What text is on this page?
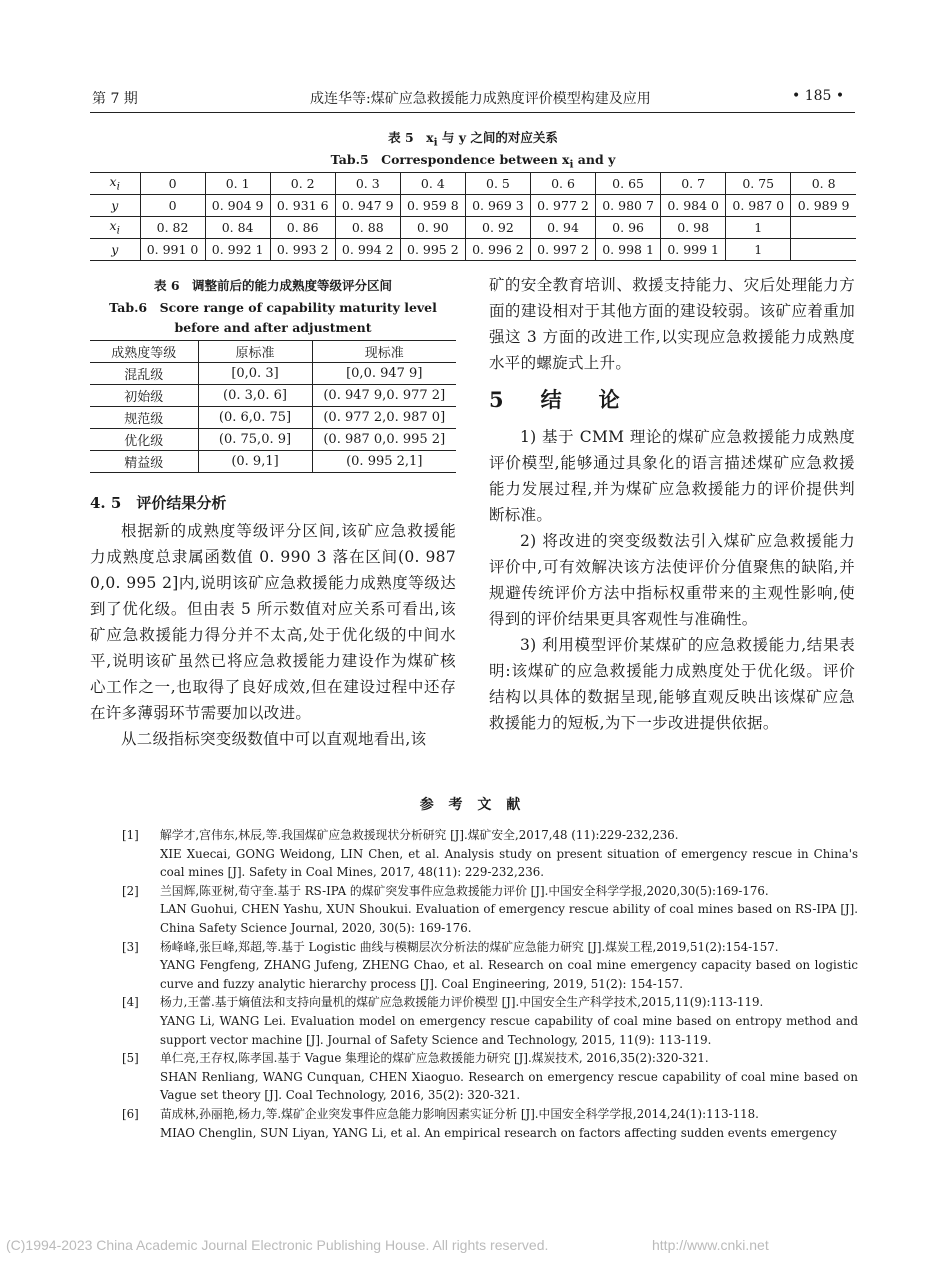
第 7 期	成连华等:煤矿应急救援能力成熟度评价模型构建及应用	• 185 •
表 5　$x_i$ 与 y 之间的对应关系
Tab.5　Correspondence between $x_i$ and y
$x_i$	0	0. 1	0. 2	0. 3	0. 4	0. 5	0. 6	0. 65	0. 7	0. 75	0. 8
y	0	0. 904 9	0. 931 6	0. 947 9	0. 959 8	0. 969 3	0. 977 2	0. 980 7	0. 984 0	0. 987 0	0. 989 9
$x_i$	0. 82	0. 84	0. 86	0. 88	0. 90	0. 92	0. 94	0. 96	0. 98	1	
y	0. 991 0	0. 992 1	0. 993 2	0. 994 2	0. 995 2	0. 996 2	0. 997 2	0. 998 1	0. 999 1	1	
表 6　调整前后的能力成熟度等级评分区间
Tab.6　Score range of capability maturity level
before and after adjustment
成熟度等级	原标准	现标准
混乱级	[0,0. 3]	[0,0. 947 9]
初始级	(0. 3,0. 6]	(0. 947 9,0. 977 2]
规范级	(0. 6,0. 75]	(0. 977 2,0. 987 0]
优化级	(0. 75,0. 9]	(0. 987 0,0. 995 2]
精益级	(0. 9,1]	(0. 995 2,1]
4. 5　评价结果分析

根据新的成熟度等级评分区间,该矿应急救援能力成熟度总隶属函数值 0. 990 3 落在区间(0. 987 0,0. 995 2]内,说明该矿应急救援能力成熟度等级达到了优化级。但由表 5 所示数值对应关系可看出,该矿应急救援能力得分并不太高,处于优化级的中间水平,说明该矿虽然已将应急救援能力建设作为煤矿核心工作之一,也取得了良好成效,但在建设过程中还存在许多薄弱环节需要加以改进。

从二级指标突变级数值中可以直观地看出,该

矿的安全教育培训、救援支持能力、灾后处理能力方面的建设相对于其他方面的建设较弱。该矿应着重加强这 3 方面的改进工作,以实现应急救援能力成熟度水平的螺旋式上升。

5　结　论

1) 基于 CMM 理论的煤矿应急救援能力成熟度评价模型,能够通过具象化的语言描述煤矿应急救援能力发展过程,并为煤矿应急救援能力的评价提供判断标准。

2) 将改进的突变级数法引入煤矿应急救援能力评价中,可有效解决该方法使评价分值聚焦的缺陷,并规避传统评价方法中指标权重带来的主观性影响,使得到的评价结果更具客观性与准确性。

3) 利用模型评价某煤矿的应急救援能力,结果表明:该煤矿的应急救援能力成熟度处于优化级。评价结构以具体的数据呈现,能够直观反映出该煤矿应急救援能力的短板,为下一步改进提供依据。

参 考 文 献
[1] 解学才,宫伟东,林辰,等.我国煤矿应急救援现状分析研究 [J].煤矿安全,2017,48 (11):229-232,236.
XIE Xuecai, GONG Weidong, LIN Chen, et al. Analysis study on present situation of emergency rescue in China's coal mines [J]. Safety in Coal Mines, 2017, 48(11): 229-232,236.
[2] 兰国辉,陈亚树,荀守奎.基于 RS-IPA 的煤矿突发事件应急救援能力评价 [J].中国安全科学学报,2020,30(5):169-176.
LAN Guohui, CHEN Yashu, XUN Shoukui. Evaluation of emergency rescue ability of coal mines based on RS-IPA [J]. China Safety Science Journal, 2020, 30(5): 169-176.
[3] 杨峰峰,张巨峰,郑超,等.基于 Logistic 曲线与模糊层次分析法的煤矿应急能力研究 [J].煤炭工程,2019,51(2):154-157.
YANG Fengfeng, ZHANG Jufeng, ZHENG Chao, et al. Research on coal mine emergency capacity based on logistic curve and fuzzy analytic hierarchy process [J]. Coal Engineering, 2019, 51(2): 154-157.
[4] 杨力,王蕾.基于熵值法和支持向量机的煤矿应急救援能力评价模型 [J].中国安全生产科学技术,2015,11(9):113-119.
YANG Li, WANG Lei. Evaluation model on emergency rescue capability of coal mine based on entropy method and support vector machine [J]. Journal of Safety Science and Technology, 2015, 11(9): 113-119.
[5] 单仁亮,王存权,陈孝国.基于 Vague 集理论的煤矿应急救援能力研究 [J].煤炭技术, 2016,35(2):320-321.
SHAN Renliang, WANG Cunquan, CHEN Xiaoguo. Research on emergency rescue capability of coal mine based on Vague set theory [J]. Coal Technology, 2016, 35(2): 320-321.
[6] 苗成林,孙丽艳,杨力,等.煤矿企业突发事件应急能力影响因素实证分析 [J].中国安全科学学报,2014,24(1):113-118.
MIAO Chenglin, SUN Liyan, YANG Li, et al. An empirical research on factors affecting sudden events emergency
(C)1994-2023 China Academic Journal Electronic Publishing House. All rights reserved.	http://www.cnki.net
